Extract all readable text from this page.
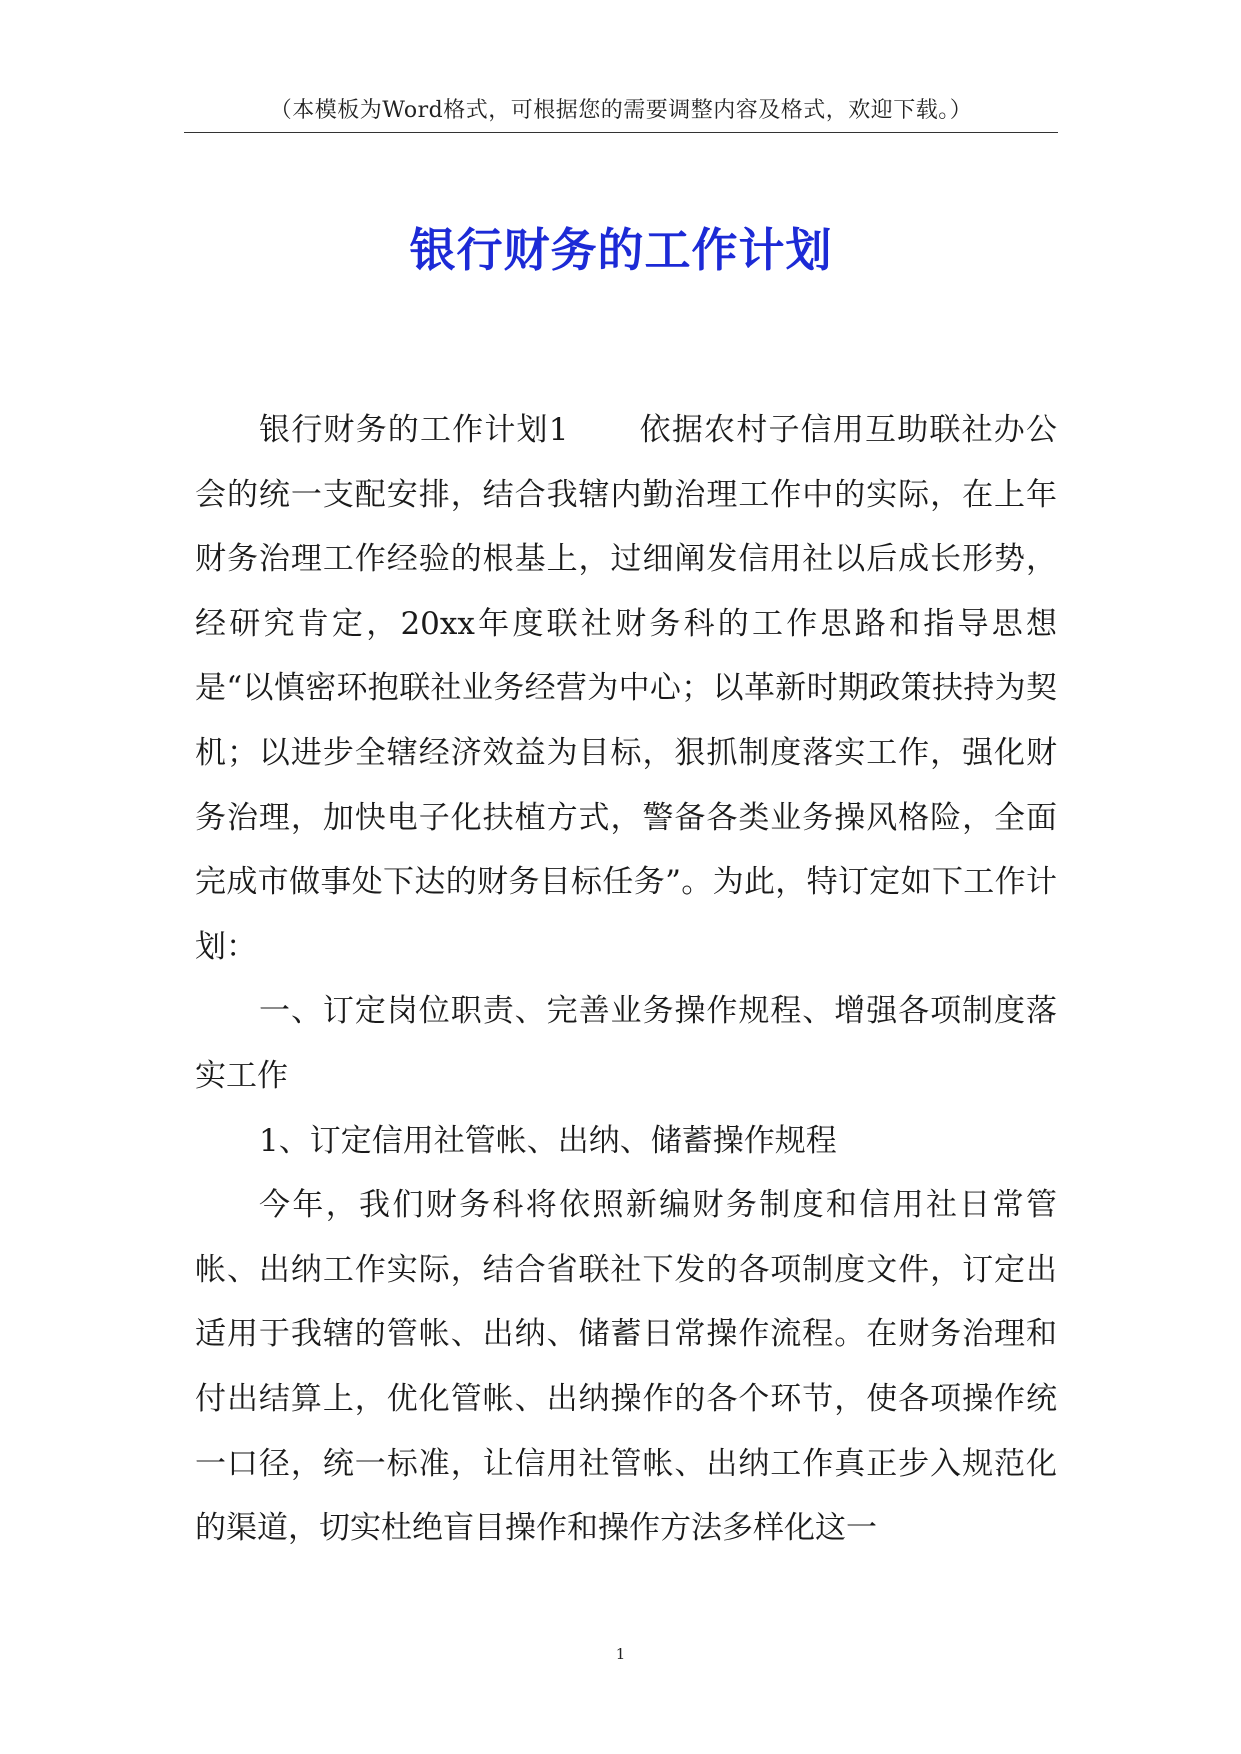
（本模板为Word格式，可根据您的需要调整内容及格式，欢迎下载。）
银行财务的工作计划

银行财务的工作计划1 依据农村子信用互助联社办公会的统一支配安排，结合我辖内勤治理工作中的实际，在上年财务治理工作经验的根基上，过细阐发信用社以后成长形势，经研究肯定，20xx年度联社财务科的工作思路和指导思想是“以慎密环抱联社业务经营为中心；以革新时期政策扶持为契机；以进步全辖经济效益为目标，狠抓制度落实工作，强化财务治理，加快电子化扶植方式，警备各类业务操风格险，全面完成市做事处下达的财务目标任务”。为此，特订定如下工作计划：

一、订定岗位职责、完善业务操作规程、增强各项制度落实工作

1、订定信用社管帐、出纳、储蓄操作规程

今年，我们财务科将依照新编财务制度和信用社日常管帐、出纳工作实际，结合省联社下发的各项制度文件，订定出适用于我辖的管帐、出纳、储蓄日常操作流程。在财务治理和付出结算上，优化管帐、出纳操作的各个环节，使各项操作统一口径，统一标准，让信用社管帐、出纳工作真正步入规范化的渠道，切实杜绝盲目操作和操作方法多样化这一

1
